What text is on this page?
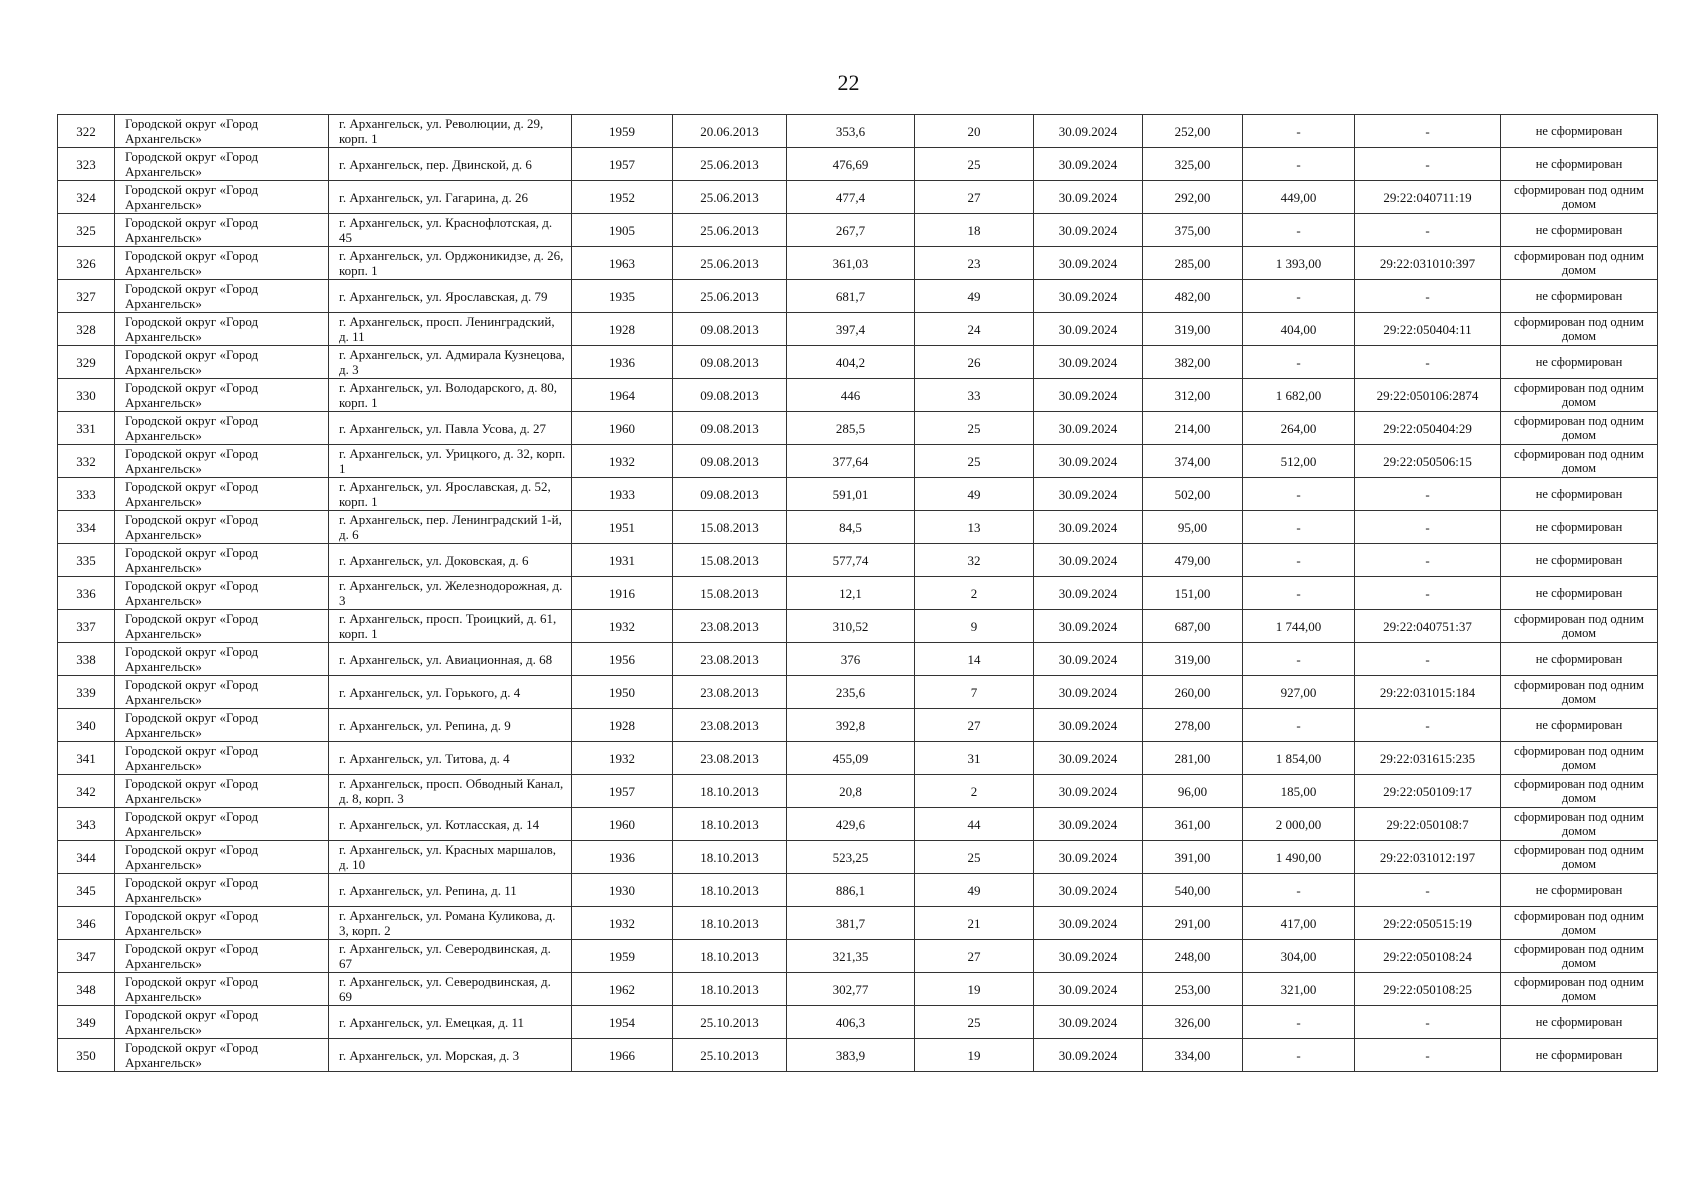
22
322	Городской округ «Город Архангельск»	г. Архангельск, ул. Революции, д. 29, корп. 1	1959	20.06.2013	353,6	20	30.09.2024	252,00	-	-	не сформирован
323	Городской округ «Город Архангельск»	г. Архангельск, пер. Двинской, д. 6	1957	25.06.2013	476,69	25	30.09.2024	325,00	-	-	не сформирован
324	Городской округ «Город Архангельск»	г. Архангельск, ул. Гагарина, д. 26	1952	25.06.2013	477,4	27	30.09.2024	292,00	449,00	29:22:040711:19	сформирован под одним домом
325	Городской округ «Город Архангельск»	г. Архангельск, ул. Краснофлотская, д. 45	1905	25.06.2013	267,7	18	30.09.2024	375,00	-	-	не сформирован
326	Городской округ «Город Архангельск»	г. Архангельск, ул. Орджоникидзе, д. 26, корп. 1	1963	25.06.2013	361,03	23	30.09.2024	285,00	1 393,00	29:22:031010:397	сформирован под одним домом
327	Городской округ «Город Архангельск»	г. Архангельск, ул. Ярославская, д. 79	1935	25.06.2013	681,7	49	30.09.2024	482,00	-	-	не сформирован
328	Городской округ «Город Архангельск»	г. Архангельск, просп. Ленинградский, д. 11	1928	09.08.2013	397,4	24	30.09.2024	319,00	404,00	29:22:050404:11	сформирован под одним домом
329	Городской округ «Город Архангельск»	г. Архангельск, ул. Адмирала Кузнецова, д. 3	1936	09.08.2013	404,2	26	30.09.2024	382,00	-	-	не сформирован
330	Городской округ «Город Архангельск»	г. Архангельск, ул. Володарского, д. 80, корп. 1	1964	09.08.2013	446	33	30.09.2024	312,00	1 682,00	29:22:050106:2874	сформирован под одним домом
331	Городской округ «Город Архангельск»	г. Архангельск, ул. Павла Усова, д. 27	1960	09.08.2013	285,5	25	30.09.2024	214,00	264,00	29:22:050404:29	сформирован под одним домом
332	Городской округ «Город Архангельск»	г. Архангельск, ул. Урицкого, д. 32, корп. 1	1932	09.08.2013	377,64	25	30.09.2024	374,00	512,00	29:22:050506:15	сформирован под одним домом
333	Городской округ «Город Архангельск»	г. Архангельск, ул. Ярославская, д. 52, корп. 1	1933	09.08.2013	591,01	49	30.09.2024	502,00	-	-	не сформирован
334	Городской округ «Город Архангельск»	г. Архангельск, пер. Ленинградский 1-й, д. 6	1951	15.08.2013	84,5	13	30.09.2024	95,00	-	-	не сформирован
335	Городской округ «Город Архангельск»	г. Архангельск, ул. Доковская, д. 6	1931	15.08.2013	577,74	32	30.09.2024	479,00	-	-	не сформирован
336	Городской округ «Город Архангельск»	г. Архангельск, ул. Железнодорожная, д. 3	1916	15.08.2013	12,1	2	30.09.2024	151,00	-	-	не сформирован
337	Городской округ «Город Архангельск»	г. Архангельск, просп. Троицкий, д. 61, корп. 1	1932	23.08.2013	310,52	9	30.09.2024	687,00	1 744,00	29:22:040751:37	сформирован под одним домом
338	Городской округ «Город Архангельск»	г. Архангельск, ул. Авиационная, д. 68	1956	23.08.2013	376	14	30.09.2024	319,00	-	-	не сформирован
339	Городской округ «Город Архангельск»	г. Архангельск, ул. Горького, д. 4	1950	23.08.2013	235,6	7	30.09.2024	260,00	927,00	29:22:031015:184	сформирован под одним домом
340	Городской округ «Город Архангельск»	г. Архангельск, ул. Репина, д. 9	1928	23.08.2013	392,8	27	30.09.2024	278,00	-	-	не сформирован
341	Городской округ «Город Архангельск»	г. Архангельск, ул. Титова, д. 4	1932	23.08.2013	455,09	31	30.09.2024	281,00	1 854,00	29:22:031615:235	сформирован под одним домом
342	Городской округ «Город Архангельск»	г. Архангельск, просп. Обводный Канал, д. 8, корп. 3	1957	18.10.2013	20,8	2	30.09.2024	96,00	185,00	29:22:050109:17	сформирован под одним домом
343	Городской округ «Город Архангельск»	г. Архангельск, ул. Котласская, д. 14	1960	18.10.2013	429,6	44	30.09.2024	361,00	2 000,00	29:22:050108:7	сформирован под одним домом
344	Городской округ «Город Архангельск»	г. Архангельск, ул. Красных маршалов, д. 10	1936	18.10.2013	523,25	25	30.09.2024	391,00	1 490,00	29:22:031012:197	сформирован под одним домом
345	Городской округ «Город Архангельск»	г. Архангельск, ул. Репина, д. 11	1930	18.10.2013	886,1	49	30.09.2024	540,00	-	-	не сформирован
346	Городской округ «Город Архангельск»	г. Архангельск, ул. Романа Куликова, д. 3, корп. 2	1932	18.10.2013	381,7	21	30.09.2024	291,00	417,00	29:22:050515:19	сформирован под одним домом
347	Городской округ «Город Архангельск»	г. Архангельск, ул. Северодвинская, д. 67	1959	18.10.2013	321,35	27	30.09.2024	248,00	304,00	29:22:050108:24	сформирован под одним домом
348	Городской округ «Город Архангельск»	г. Архангельск, ул. Северодвинская, д. 69	1962	18.10.2013	302,77	19	30.09.2024	253,00	321,00	29:22:050108:25	сформирован под одним домом
349	Городской округ «Город Архангельск»	г. Архангельск, ул. Емецкая, д. 11	1954	25.10.2013	406,3	25	30.09.2024	326,00	-	-	не сформирован
350	Городской округ «Город Архангельск»	г. Архангельск, ул. Морская, д. 3	1966	25.10.2013	383,9	19	30.09.2024	334,00	-	-	не сформирован
